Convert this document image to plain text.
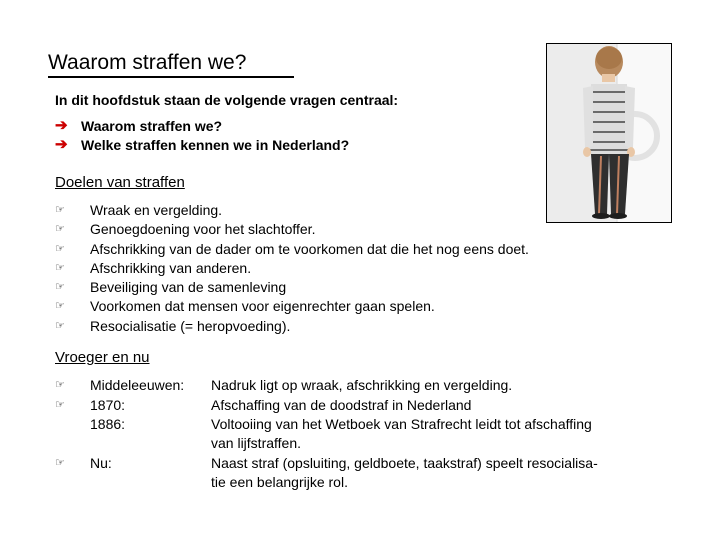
Waarom straffen we?
In dit hoofdstuk staan de volgende vragen centraal:
➔ Waarom straffen we?
➔ Welke straffen kennen we in Nederland?
Doelen van straffen
☞	Wraak en vergelding.
☞	Genoegdoening voor het slachtoffer.
☞	Afschrikking van de dader om te voorkomen dat die het nog eens doet.
☞	Afschrikking van anderen.
☞	Beveiliging van de samenleving
☞	Voorkomen dat mensen voor eigenrechter gaan spelen.
☞	Resocialisatie (= heropvoeding).
Vroeger en nu
☞	Middeleeuwen: Nadruk ligt op wraak, afschrikking en vergelding.
☞	1870:	Afschaffing van de doodstraf in Nederland
1886:	Voltooiing van het Wetboek van Strafrecht leidt tot afschaffing
van lijfstraffen.
☞	Nu:	Naast straf (opsluiting, geldboete, taakstraf) speelt resocialisa-
tie een belangrijke rol.
